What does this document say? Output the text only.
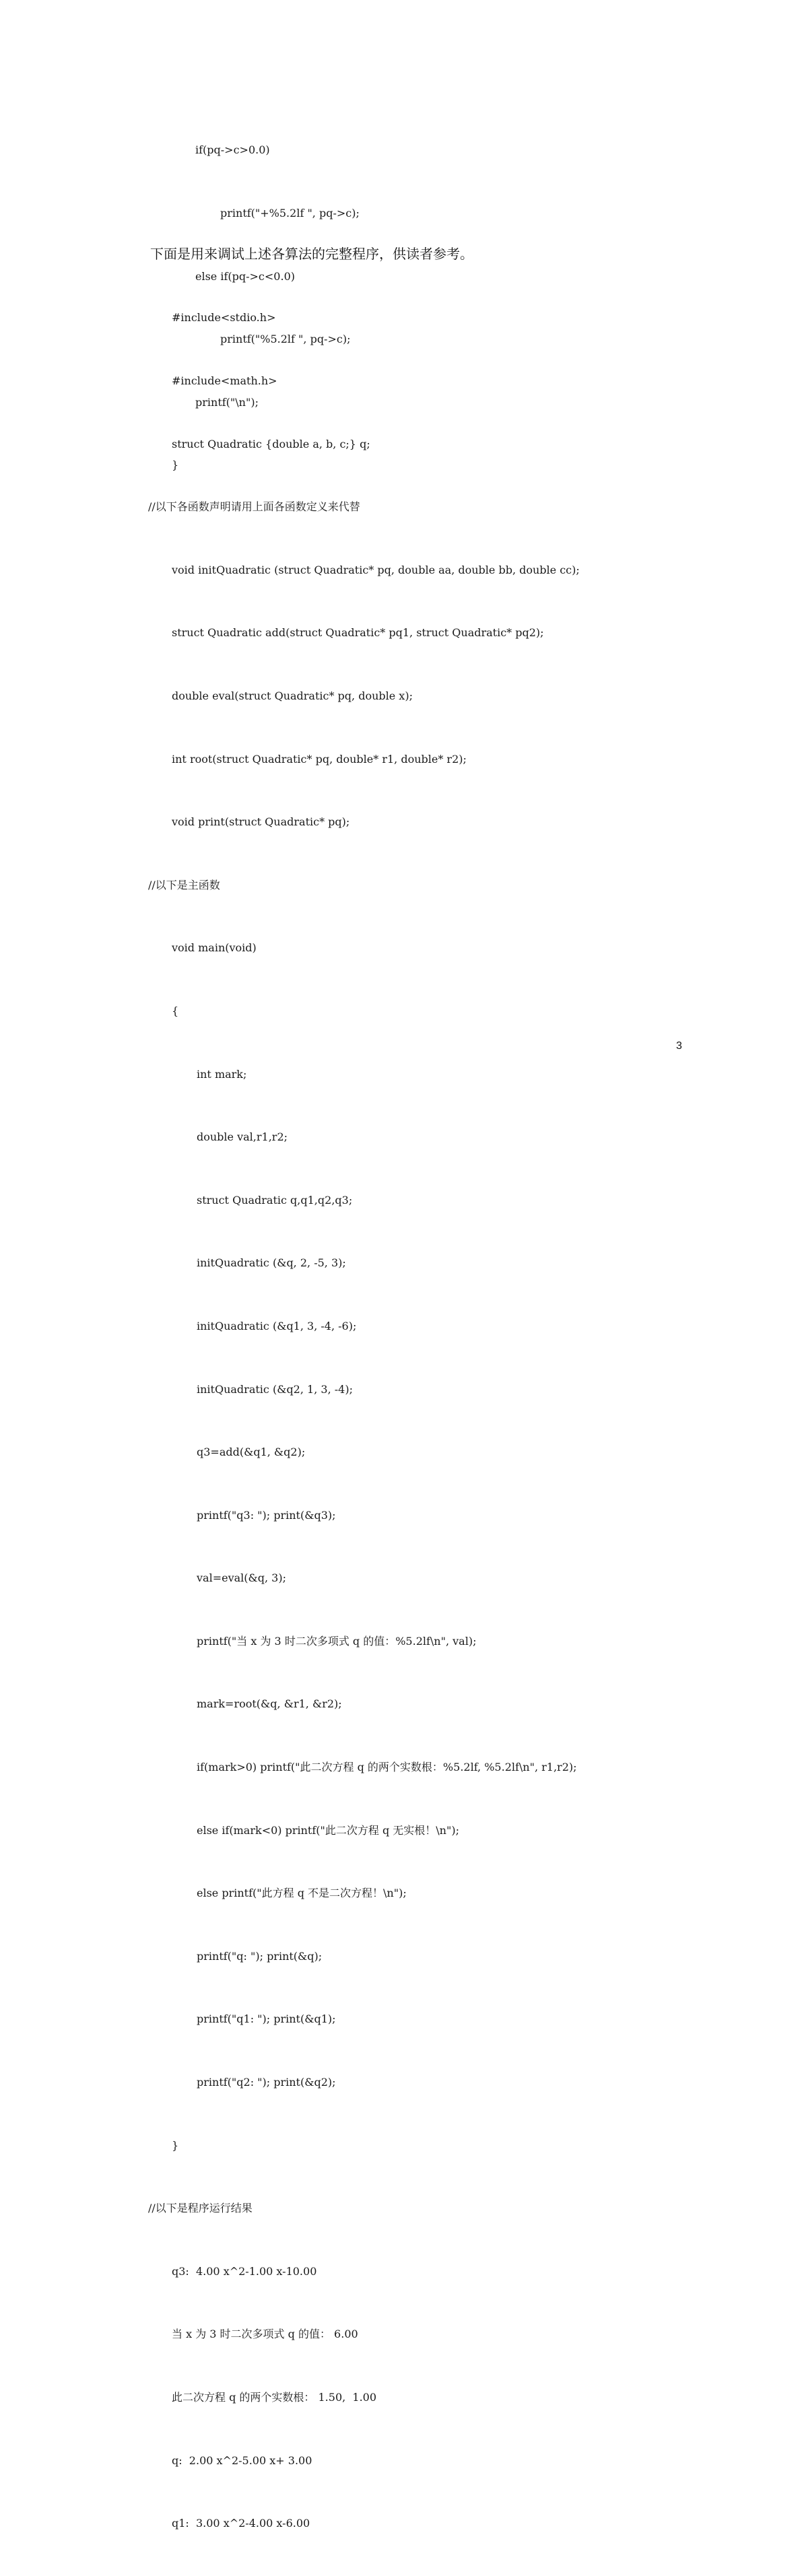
if(pq->c>0.0)

printf("+%5.2lf ", pq->c);

else if(pq->c<0.0)

printf("%5.2lf ", pq->c);

printf("\n");

}

下面是用来调试上述各算法的完整程序，供读者参考。

#include<stdio.h>

#include<math.h>

struct Quadratic {double a, b, c;} q;

//以下各函数声明请用上面各函数定义来代替

void initQuadratic (struct Quadratic* pq, double aa, double bb, double cc);

struct Quadratic add(struct Quadratic* pq1, struct Quadratic* pq2);

double eval(struct Quadratic* pq, double x);

int root(struct Quadratic* pq, double* r1, double* r2);

void print(struct Quadratic* pq);

//以下是主函数

void main(void)

{

int mark;

double val,r1,r2;

struct Quadratic q,q1,q2,q3;

initQuadratic (&q, 2, -5, 3);

initQuadratic (&q1, 3, -4, -6);

initQuadratic (&q2, 1, 3, -4);

q3=add(&q1, &q2);

printf("q3: "); print(&q3);

val=eval(&q, 3);

printf("当 x 为 3 时二次多项式 q 的值：%5.2lf\n", val);

mark=root(&q, &r1, &r2);

if(mark>0) printf("此二次方程 q 的两个实数根：%5.2lf, %5.2lf\n", r1,r2);

else if(mark<0) printf("此二次方程 q 无实根！\n");

else printf("此方程 q 不是二次方程！\n");

printf("q: "); print(&q);

printf("q1: "); print(&q1);

printf("q2: "); print(&q2);

}

//以下是程序运行结果

q3:  4.00 x^2-1.00 x-10.00

当 x 为 3 时二次多项式 q 的值： 6.00

此二次方程 q 的两个实数根： 1.50,  1.00

q:  2.00 x^2-5.00 x+ 3.00

q1:  3.00 x^2-4.00 x-6.00

3
